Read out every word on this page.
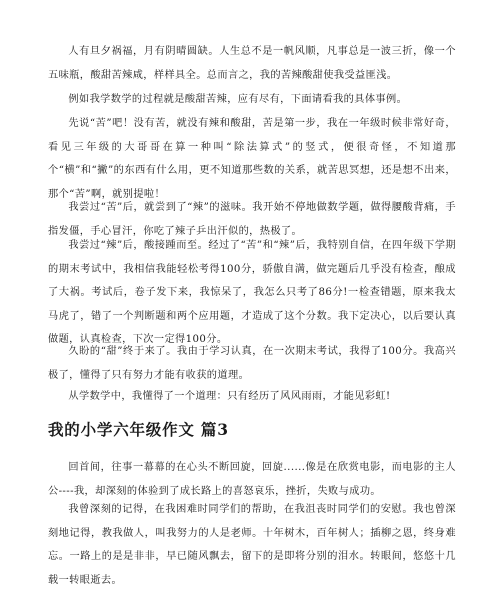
人有旦夕祸福，月有阴晴圆缺。人生总不是一帆风顺，凡事总是一波三折，像一个五味瓶，酸甜苦辣咸，样样具全。总而言之，我的苦辣酸甜使我受益匪浅。

例如我学数学的过程就是酸甜苦辣，应有尽有，下面请看我的具体事例。

先说“苦”吧！没有苦，就没有辣和酸甜，苦是第一步，我在一年级时候非常好奇，看见三年级的大哥哥在算一种叫“除法算式”的竖式，便很奇怪，不知道那个“横”和“撇”的东西有什么用，更不知道那些数的关系，就苦思冥想，还是想不出来，那个“苦”啊，就别提啦！

我尝过“苦”后，就尝到了“辣”的滋味。我开始不停地做数学题，做得腰酸背痛，手指发僵，手心冒汗，你吃了辣子乒出汗似的，热极了。

我尝过“辣”后，酸接踵而至。经过了“苦”和“辣”后，我特别自信，在四年级下学期的期末考试中，我相信我能轻松考得100分，骄傲自满，做完题后几乎没有检查，酿成了大祸。考试后，卷子发下来，我惊呆了，我怎么只考了86分!一检查错题，原来我太马虎了，错了一个判断题和两个应用题，才造成了这个分数。我下定决心，以后要认真做题，认真检查，下次一定得100分。

久盼的“甜”终于来了。我由于学习认真，在一次期末考试，我得了100分。我高兴极了，懂得了只有努力才能有收获的道理。

从学数学中，我懂得了一个道理：只有经历了风风雨雨，才能见彩虹!

我的小学六年级作文 篇3

回首间，往事一幕幕的在心头不断回旋，回旋......像是在欣赏电影，而电影的主人公----我，却深刻的体验到了成长路上的喜怒哀乐，挫折，失败与成功。

我曾深刻的记得，在我困难时同学们的帮助，在我沮丧时同学们的安慰。我也曾深刻地记得，教我做人，叫我努力的人是老师。十年树木，百年树人；插柳之恩，终身难忘。一路上的是是非非，早已随风飘去，留下的是即将分别的泪水。转眼间，悠悠十几载一转眼逝去。
